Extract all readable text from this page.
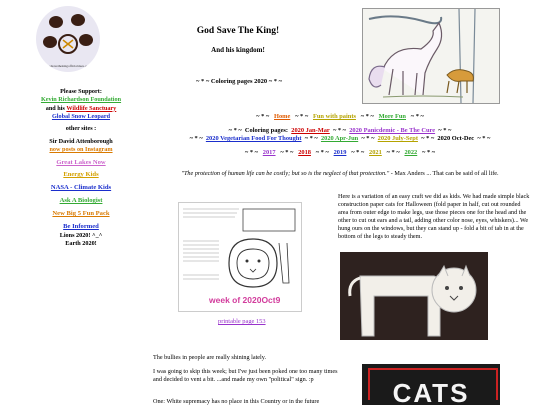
godsavethekingofficial.ikes.org
Please Support:
Kevin Richardson Foundation
and his Wildlife Sanctuary
Global Snow Leopard
other sites :
Sir David Attenborough
now posts on Instagram
Great Lakes Now
Energy Kids
NASA - Climate Kids
Ask A Biologist
New Big 5 Fun Pack
Be Informed
Lions 2020! ^_^
Earth 2020!
God Save The King!
And his kingdom!
~ * ~ Coloring pages 2020 ~ * ~
~ * ~ Home ~ * ~ Fun with paints ~ * ~ More Fun ~ * ~
~ * ~ Coloring pages: 2020 Jan-Mar ~ * ~ 2020 Panicdemic - Be The Cure ~ * ~
~ * ~ 2020 Vegetarian Food For Thought ~ * ~ 2020 Apr-Jun ~ * ~ 2020 July-Sept ~ * ~ 2020 Oct-Dec ~ * ~
~ * ~ 2017 ~ * ~ 2018 ~ * ~ 2019 ~ * ~ 2021 ~ * ~ 2022 ~ * ~
"The protection of human life can be costly; but so is the neglect of that protection." - Max Anders ... That can be said of all life.
week of 2020Oct9
printable page 153
Here is a variation of an easy craft we did as kids. We had made simple black construction paper cats for Halloween (fold paper in half, cut out rounded area from outer edge to make legs, use those pieces one for the head and the other to cut out ears and a tail, adding other color nose, eyes, whiskers)... We hung ours on the windows, but they can stand up - fold a bit of tab in at the bottom of the legs to steady them.
The bullies in people are really shining lately.
I was going to skip this week; but I've just been poked one too many times and decided to vent a bit. ...and made my own "political" sign. :p
One: White supremacy has no place in this Country or in the future	CATS
